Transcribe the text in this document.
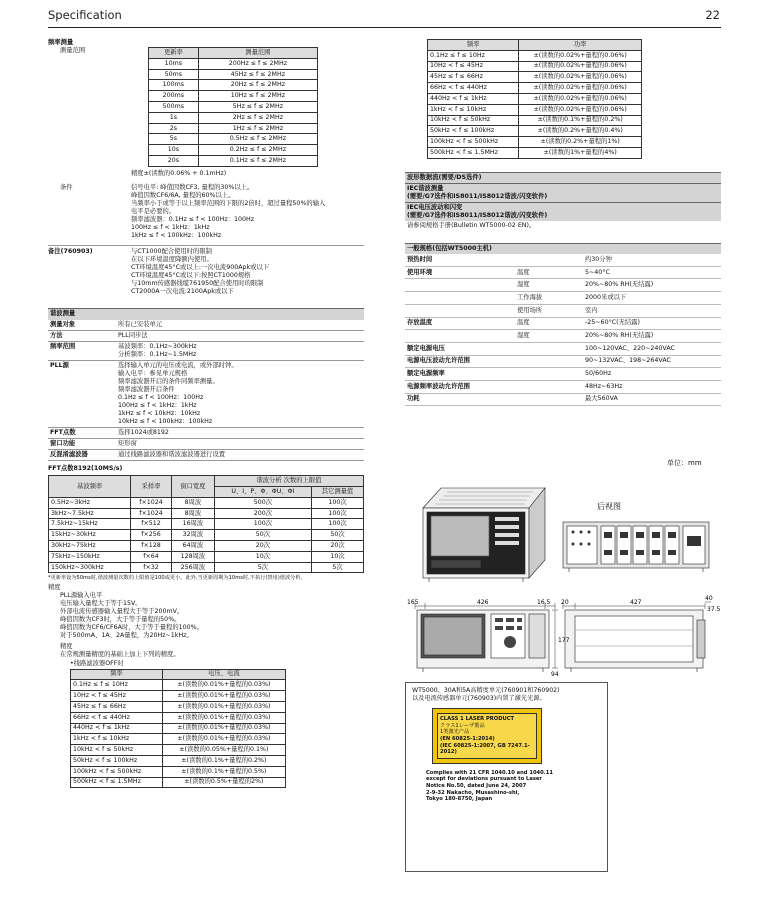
Specification	22
频率测量
测量范围	更新率	测量范围
10ms	200Hz ≤ f ≤ 2MHz
50ms	45Hz ≤ f ≤ 2MHz
100ms	20Hz ≤ f ≤ 2MHz
200ms	10Hz ≤ f ≤ 2MHz
500ms	5Hz ≤ f ≤ 2MHz
1s	2Hz ≤ f ≤ 2MHz
2s	1Hz ≤ f ≤ 2MHz
5s	0.5Hz ≤ f ≤ 2MHz
10s	0.2Hz ≤ f ≤ 2MHz
20s	0.1Hz ≤ f ≤ 2MHz
精度±(读数的0.06% + 0.1mHz)
条件	信号电平: 峰值因数CF3, 量程的30%以上。
峰值因数CF6/6A, 量程的60%以上。
当频率小于或等于以上频率范围的下限的2倍时，超过量程50%的输入
电平是必要的。
频率滤波器：0.1Hz ≤ f < 100Hz：100Hz
100Hz ≤ f < 1kHz：1kHz
1kHz ≤ f < 100kHz：100kHz
备注(760903)	与CT1000配合使用时的限制
在以下环境温度降额内使用。
CT环境温度45°C或以上:一次电流900Apk或以下
CT环境温度45°C或以下:按照CT1000规格
与10mm传感器线缆761950配合使用时的限制
CT2000A一次电流:2100Apk或以下
谐波测量
测量对象	所有已安装单元
方法	PLL同步法
频率范围	基波频率：0.1Hz~300kHz
分析频率：0.1Hz~1.5MHz
PLL源	选择输入单元的电压或电流，或外部时钟。
输入电平：参见单元规格
频率滤波器开启的条件同频率测量。
频率滤波器开启条件
0.1Hz ≤ f < 100Hz：100Hz
100Hz ≤ f < 1kHz：1kHz
1kHz ≤ f < 10kHz：10kHz
10kHz ≤ f < 100kHz：100kHz
FFT点数	选择1024或8192
窗口功能	矩形窗
反混淆滤波器	通过线路滤波器和谐波滤波器进行设置
FFT点数8192(10MS/s)
基波频率	采样率	窗口宽度	谐波分析 次数的上限值	
			U、I、P、Φ、ΦU、ΦI	其它测量值
0.5Hz~3kHz	f×1024	8周波	500次	100次
3kHz~7.5kHz	f×1024	8周波	200次	100次
7.5kHz~15kHz	f×512	16周波	100次	100次
15kHz~30kHz	f×256	32周波	50次	50次
30kHz~75kHz	f×128	64周波	20次	20次
75kHz~150kHz	f×64	128周波	10次	10次
150kHz~300kHz	f×32	256周波	5次	5次
*更新率设为50ms时,谐波测量次数的上限值是100或更小。此外,当更新周期为10ms时,不执行(禁用)谐波分析。
精度
PLL源输入电平
电压输入量程大于等于15V。
外部电流传感器输入量程大于等于200mV。
峰值因数为CF3时，大于等于量程的50%。
峰值因数为CF6/CF6A时，大于等于量程的100%。
对于500mA、1A、2A量程，为20Hz~1kHz。
精度
在常规测量精度的基础上加上下列的精度。
•线路滤波器OFF时
频率	电压、电流
0.1Hz ≤ f ≤ 10Hz	±(读数的0.01%+量程的0.03%)
10Hz < f ≤ 45Hz	±(读数的0.01%+量程的0.03%)
45Hz ≤ f ≤ 66Hz	±(读数的0.01%+量程的0.03%)
66Hz < f ≤ 440Hz	±(读数的0.01%+量程的0.03%)
440Hz < f ≤ 1kHz	±(读数的0.01%+量程的0.03%)
1kHz < f ≤ 10kHz	±(读数的0.01%+量程的0.03%)
10kHz < f ≤ 50kHz	±(读数的0.05%+量程的0.1%)
50kHz < f ≤ 100kHz	±(读数的0.1%+量程的0.2%)
100kHz < f ≤ 500kHz	±(读数的0.1%+量程的0.5%)
500kHz < f ≤ 1.5MHz	±(读数的0.5%+量程的2%)
频率	功率
0.1Hz ≤ f ≤ 10Hz	±(读数的0.02%+量程的0.06%)
10Hz < f ≤ 45Hz	±(读数的0.02%+量程的0.06%)
45Hz ≤ f ≤ 66Hz	±(读数的0.02%+量程的0.06%)
66Hz < f ≤ 440Hz	±(读数的0.02%+量程的0.06%)
440Hz < f ≤ 1kHz	±(读数的0.02%+量程的0.06%)
1kHz < f ≤ 10kHz	±(读数的0.02%+量程的0.06%)
10kHz < f ≤ 50kHz	±(读数的0.1%+量程的0.2%)
50kHz < f ≤ 100kHz	±(读数的0.2%+量程的0.4%)
100kHz < f ≤ 500kHz	±(读数的0.2%+量程的1%)
500kHz < f ≤ 1.5MHz	±(读数的1%+量程的4%)
波形数据流(需要/DS选件)
IEC谐波测量
(需要/G7选件和IS8011/IS8012谐波/闪变软件)
IEC电压波动和闪变
(需要/G7选件和IS8011/IS8012谐波/闪变软件)
请参阅规格手册(Bulletin WT5000-02 EN)。
一般规格(包括WT5000主机)
预热时间	约30分钟
使用环境	温度	5~40°C
湿度	20%~80% RH(无结露)
工作海拔	2000米或以下
使用场所	室内
存放温度	温度	-25~60°C(无结露)
湿度	20%~80% RH(无结露)
额定电源电压	100~120VAC、220~240VAC
电源电压波动允许范围	90~132VAC、198~264VAC
额定电源频率	50/60Hz
电源频率波动允许范围	48Hz~63Hz
功耗	最大560VA
单位：mm
后视图
165	426	16.5 20	427
40
37.5
177
94
WT5000、30A和5A高精度单元(760901和760902)
以及电流传感器单元(760903)内置了激光光源。
CLASS 1 LASER PRODUCT
クラス1レーザ製品
1类激光产品
(EN 60825-1:2014)
(IEC 60825-1:2007, GB 7247.1-2012)
Complies with 21 CFR 1040.10 and 1040.11
except for deviations pursuant to Laser
Notice No.50, dated June 24, 2007
2-9-32 Nakacho, Musashino-shi,
Tokyo 180-8750, Japan
